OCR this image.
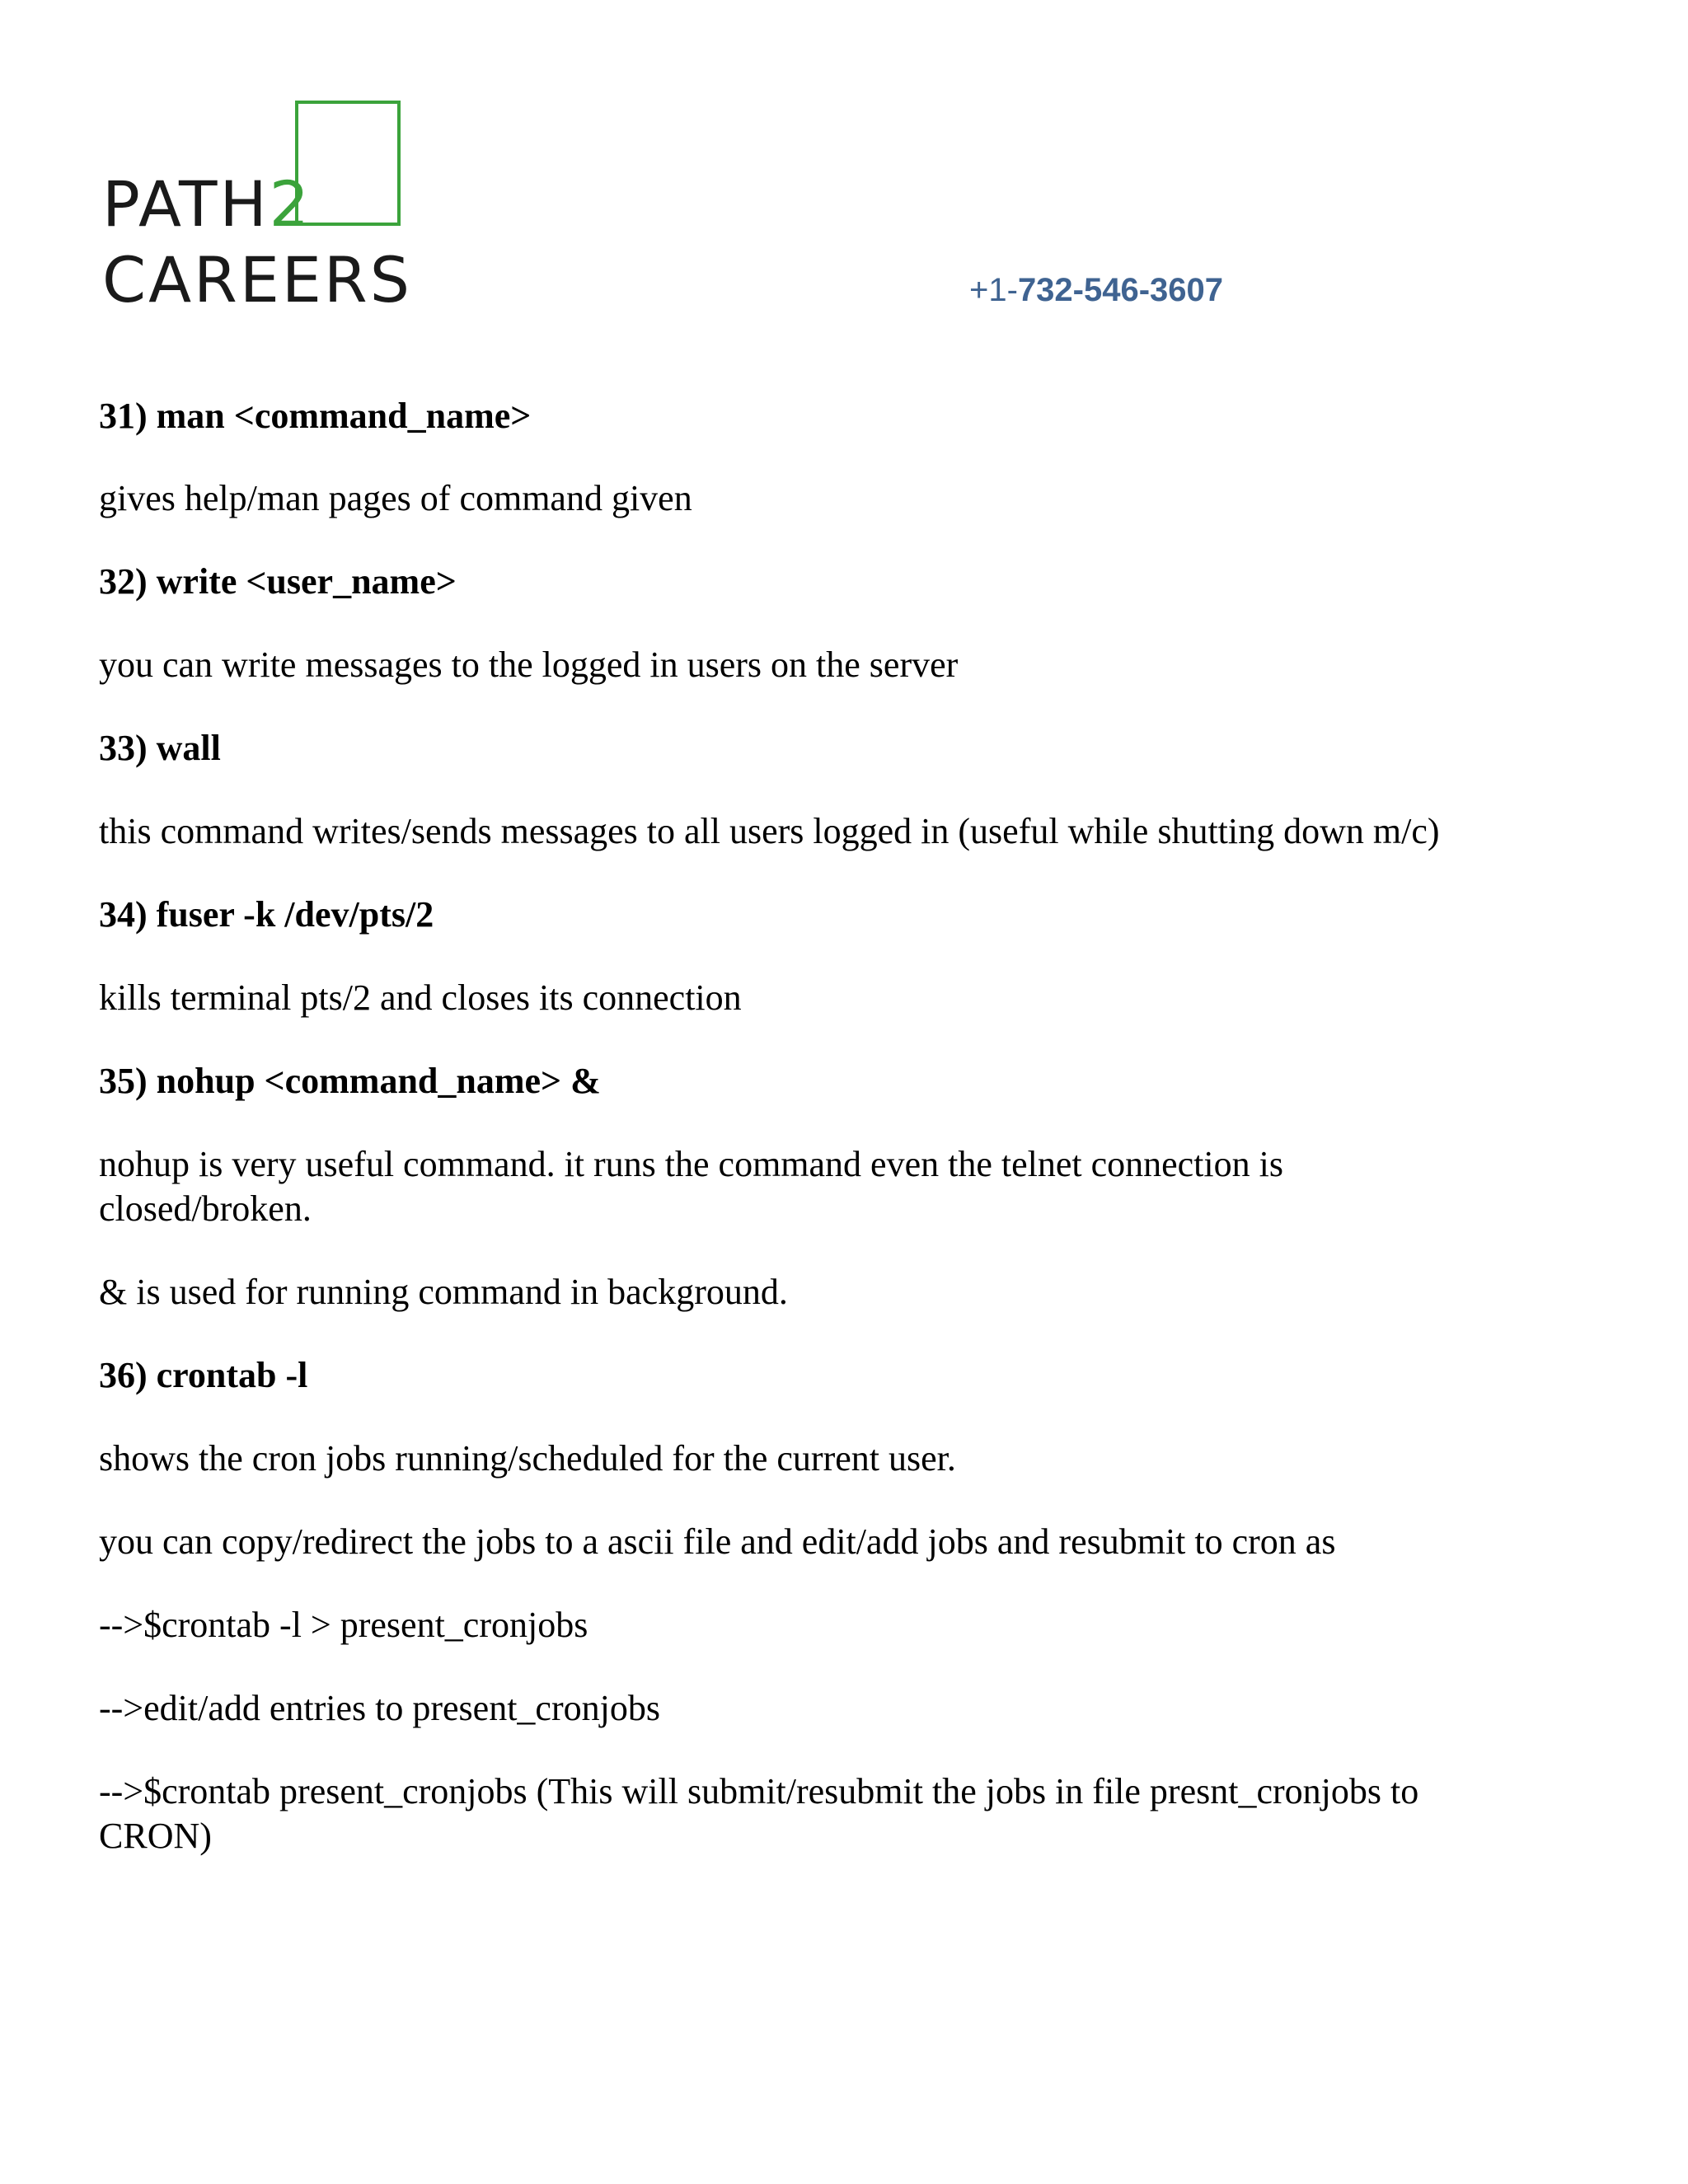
PATH2
CAREERS	+1-732-546-3607

31) man <command_name>

gives help/man pages of command given

32) write <user_name>

you can write messages to the logged in users on the server

33) wall

this command writes/sends messages to all users logged in (useful while shutting down m/c)

34) fuser -k /dev/pts/2

kills terminal pts/2 and closes its connection

35) nohup <command_name> &

nohup is very useful command. it runs the command even the telnet connection is closed/broken.

& is used for running command in background.

36) crontab -l

shows the cron jobs running/scheduled for the current user.

you can copy/redirect the jobs to a ascii file and edit/add jobs and resubmit to cron as

-->$crontab -l > present_cronjobs

-->edit/add entries to present_cronjobs

-->$crontab present_cronjobs (This will submit/resubmit the jobs in file presnt_cronjobs to CRON)
